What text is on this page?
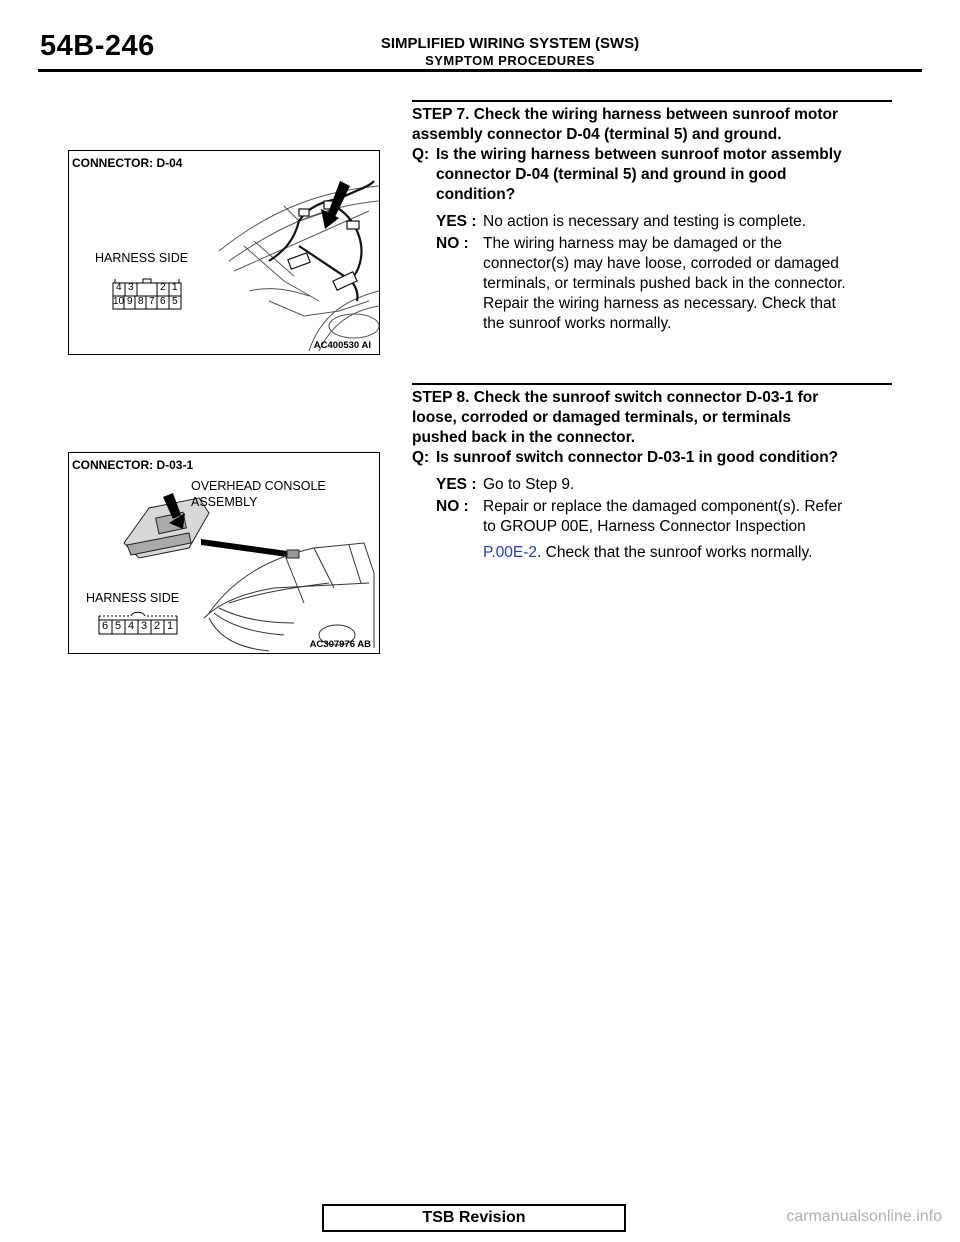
54B-246	SIMPLIFIED WIRING SYSTEM (SWS)
SYMPTOM PROCEDURES
CONNECTOR: D-04
HARNESS SIDE
4 3	2 1
10 9 8 7 6 5
AC400530 AI
CONNECTOR: D-03-1
OVERHEAD CONSOLE
ASSEMBLY
HARNESS SIDE
6 5 4 3 2 1
AC307976 AB
STEP 7. Check the wiring harness between sunroof motor
assembly connector D-04 (terminal 5) and ground.
Q: Is the wiring harness between sunroof motor assembly
connector D-04 (terminal 5) and ground in good
condition?
YES : No action is necessary and testing is complete.
NO : The wiring harness may be damaged or the
connector(s) may have loose, corroded or damaged
terminals, or terminals pushed back in the connector.
Repair the wiring harness as necessary. Check that
the sunroof works normally.
STEP 8. Check the sunroof switch connector D-03-1 for
loose, corroded or damaged terminals, or terminals
pushed back in the connector.
Q: Is sunroof switch connector D-03-1 in good condition?
YES : Go to Step 9.
NO : Repair or replace the damaged component(s). Refer
to GROUP 00E, Harness Connector Inspection
P.00E-2. Check that the sunroof works normally.
TSB Revision	carmanualsonline.info
